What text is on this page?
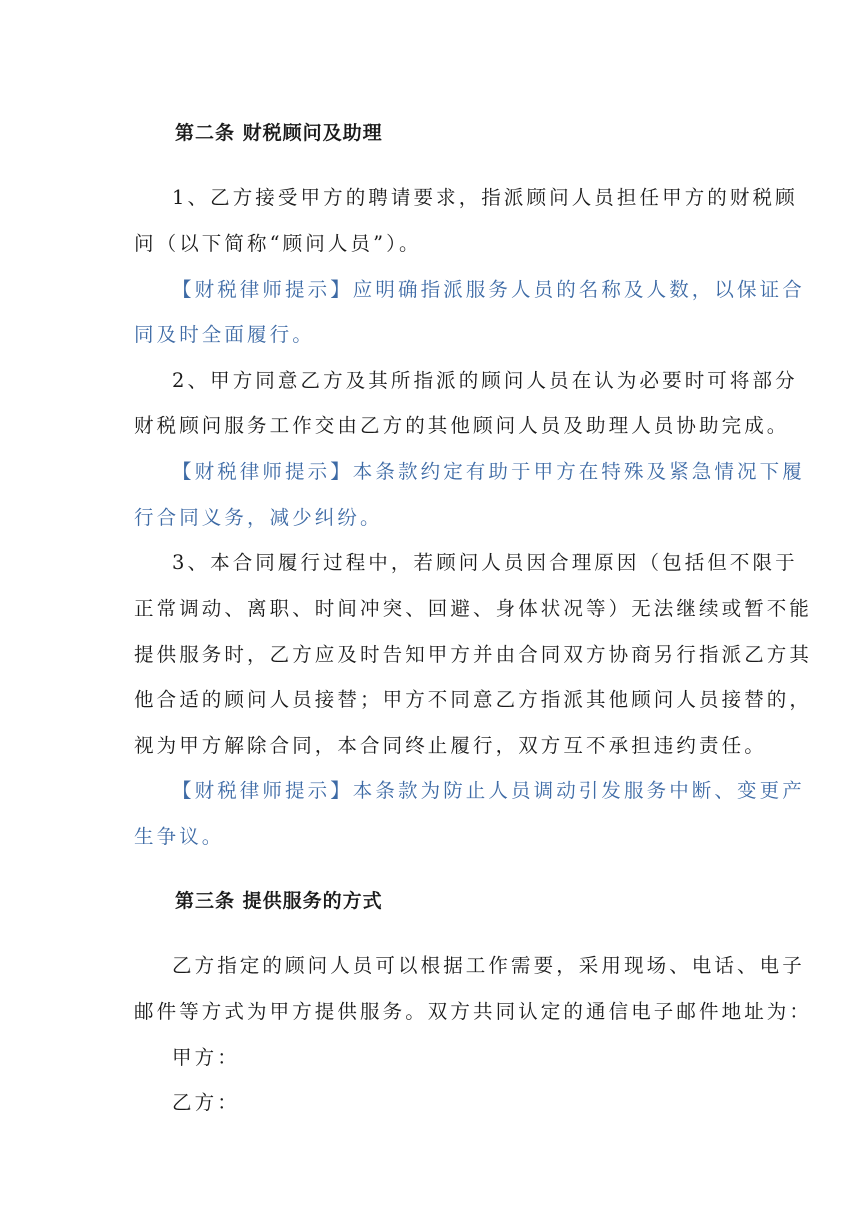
第二条 财税顾问及助理
1、乙方接受甲方的聘请要求，指派顾问人员担任甲方的财税顾
问（以下简称“顾问人员”）。
【财税律师提示】应明确指派服务人员的名称及人数，以保证合
同及时全面履行。
2、甲方同意乙方及其所指派的顾问人员在认为必要时可将部分
财税顾问服务工作交由乙方的其他顾问人员及助理人员协助完成。
【财税律师提示】本条款约定有助于甲方在特殊及紧急情况下履
行合同义务，减少纠纷。
3、本合同履行过程中，若顾问人员因合理原因（包括但不限于
正常调动、离职、时间冲突、回避、身体状况等）无法继续或暂不能
提供服务时，乙方应及时告知甲方并由合同双方协商另行指派乙方其
他合适的顾问人员接替；甲方不同意乙方指派其他顾问人员接替的，
视为甲方解除合同，本合同终止履行，双方互不承担违约责任。
【财税律师提示】本条款为防止人员调动引发服务中断、变更产
生争议。
第三条 提供服务的方式
乙方指定的顾问人员可以根据工作需要，采用现场、电话、电子
邮件等方式为甲方提供服务。双方共同认定的通信电子邮件地址为：
甲方：
乙方：
